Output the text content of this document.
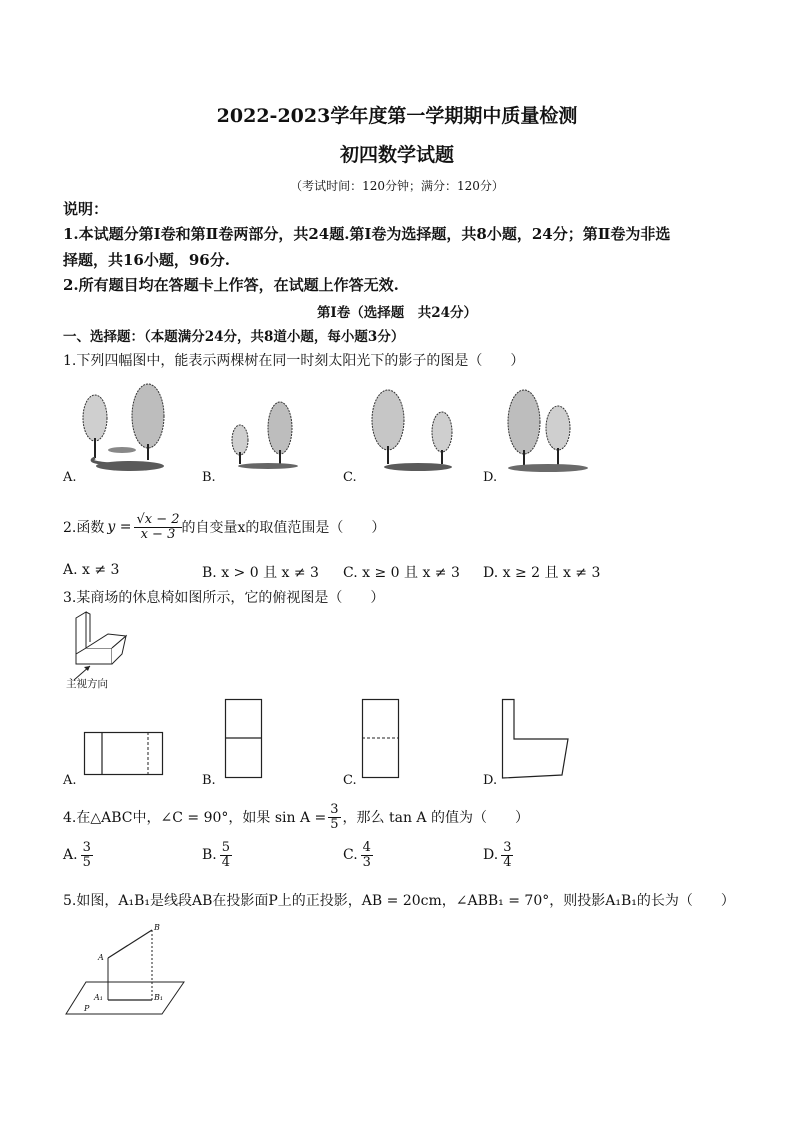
2022-2023学年度第一学期期中质量检测
初四数学试题
（考试时间：120分钟；满分：120分）
说明：
1.本试题分第Ⅰ卷和第Ⅱ卷两部分，共24题.第Ⅰ卷为选择题，共8小题，24分；第Ⅱ卷为非选
择题，共16小题，96分.
2.所有题目均在答题卡上作答，在试题上作答无效.
第Ⅰ卷（选择题　共24分）
一、选择题：（本题满分24分，共8道小题，每小题3分）
1.下列四幅图中，能表示两棵树在同一时刻太阳光下的影子的图是（　　）
A.	B.	C.	D.
2.函数 $y = \frac{√x - 2}{x - 3}$ 的自变量x的取值范围是（　　）
A. x ≠ 3	B. x > 0 且 x ≠ 3 C. x ≥ 0 且 x ≠ 3 D. x ≥ 2 且 x ≠ 3
3.某商场的休息椅如图所示，它的俯视图是（　　）
主视方向
A.	B.	C.	D.
4.在△ABC中，∠C = 90°，如果 $\sin A = \frac{3}{5}$ ，那么 tan A 的值为（　　）
A. $\frac{3}{5}$	B. $\frac{5}{4}$	C. $\frac{4}{3}$	D. $\frac{3}{4}$
5.如图，A₁B₁是线段AB在投影面P上的正投影，AB = 20cm，∠ABB₁ = 70°，则投影A₁B₁的长为（　　）
A
B
A₁	B₁
P
